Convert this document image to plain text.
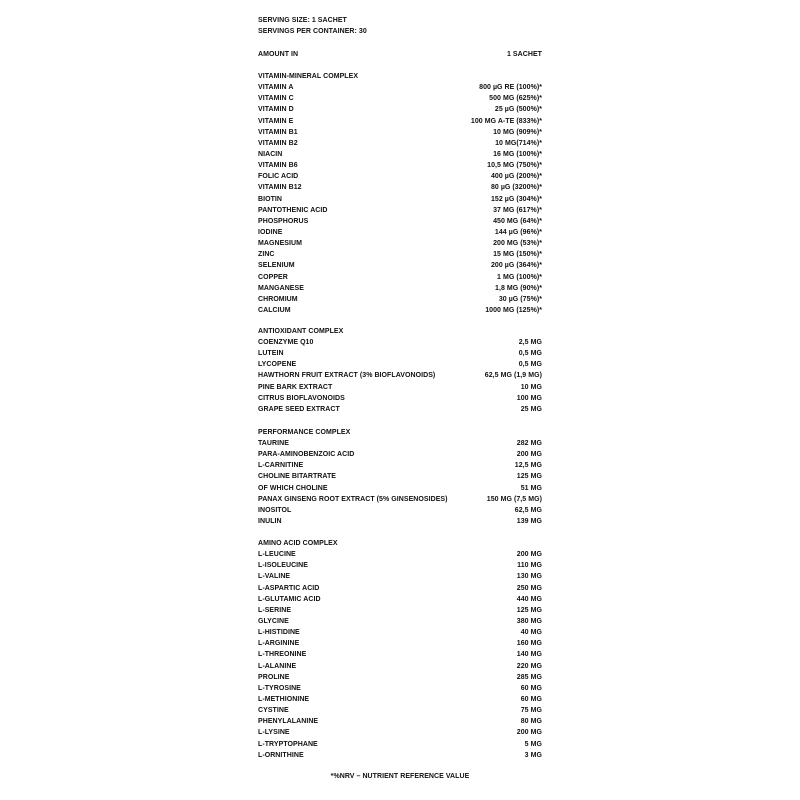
SERVING SIZE: 1 SACHET
SERVINGS PER CONTAINER: 30
AMOUNT IN	1 SACHET
VITAMIN-MINERAL COMPLEX
VITAMIN A	800 µG RE (100%)*
VITAMIN C	500 MG (625%)*
VITAMIN D	25 µG (500%)*
VITAMIN E	100 MG A-TE (833%)*
VITAMIN B1	10 MG (909%)*
VITAMIN B2	10 MG(714%)*
NIACIN	16 MG (100%)*
VITAMIN B6	10,5 MG (750%)*
FOLIC ACID	400 µG (200%)*
VITAMIN B12	80 µG (3200%)*
BIOTIN	152 µG (304%)*
PANTOTHENIC ACID	37 MG (617%)*
PHOSPHORUS	450 MG (64%)*
IODINE	144 µG (96%)*
MAGNESIUM	200 MG (53%)*
ZINC	15 MG (150%)*
SELENIUM	200 µG (364%)*
COPPER	1 MG (100%)*
MANGANESE	1,8 MG (90%)*
CHROMIUM	30 µG (75%)*
CALCIUM	1000 MG (125%)*
ANTIOXIDANT COMPLEX
COENZYME Q10	2,5 MG
LUTEIN	0,5 MG
LYCOPENE	0,5 MG
HAWTHORN FRUIT EXTRACT (3% BIOFLAVONOIDS)	62,5 MG (1,9 MG)
PINE BARK EXTRACT	10 MG
CITRUS BIOFLAVONOIDS	100 MG
GRAPE SEED EXTRACT	25 MG
PERFORMANCE COMPLEX
TAURINE	282 MG
PARA-AMINOBENZOIC ACID	200 MG
L-CARNITINE	12,5 MG
CHOLINE BITARTRATE	125 MG
OF WHICH CHOLINE	51 MG
PANAX GINSENG ROOT EXTRACT (5% GINSENOSIDES)	150 MG (7,5 MG)
INOSITOL	62,5 MG
INULIN	139 MG
AMINO ACID COMPLEX
L-LEUCINE	200 MG
L-ISOLEUCINE	110 MG
L-VALINE	130 MG
L-ASPARTIC ACID	250 MG
L-GLUTAMIC ACID	440 MG
L-SERINE	125 MG
GLYCINE	380 MG
L-HISTIDINE	40 MG
L-ARGININE	160 MG
L-THREONINE	140 MG
L-ALANINE	220 MG
PROLINE	285 MG
L-TYROSINE	60 MG
L-METHIONINE	60 MG
CYSTINE	75 MG
PHENYLALANINE	80 MG
L-LYSINE	200 MG
L-TRYPTOPHANE	5 MG
L-ORNITHINE	3 MG
*%NRV – NUTRIENT REFERENCE VALUE
